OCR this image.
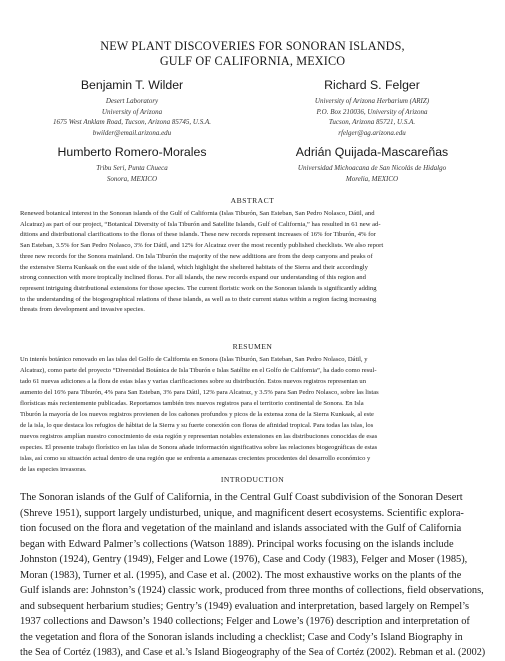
NEW PLANT DISCOVERIES FOR SONORAN ISLANDS,
GULF OF CALIFORNIA, MEXICO
Benjamin T. Wilder
Desert Laboratory
University of Arizona
1675 West Anklam Road, Tucson, Arizona 85745, U.S.A.
bwilder@email.arizona.edu
Richard S. Felger
University of Arizona Herbarium (ARIZ)
P.O. Box 210036, University of Arizona
Tucson, Arizona 85721, U.S.A.
rfelger@ag.arizona.edu
Humberto Romero-Morales
Tribu Seri, Punta Chueca
Sonora, MEXICO
Adrián Quijada-Mascareñas
Universidad Michoacana de San Nicolás de Hidalgo
Morelia, MEXICO
ABSTRACT
Renewed botanical interest in the Sonoran islands of the Gulf of California (Islas Tiburón, San Esteban, San Pedro Nolasco, Dátil, and
Alcatraz) as part of our project, “Botanical Diversity of Isla Tiburón and Satellite Islands, Gulf of California,” has resulted in 61 new ad-
ditions and distributional clarifications to the floras of these islands. These new records represent increases of 16% for Tiburón, 4% for
San Esteban, 3.5% for San Pedro Nolasco, 3% for Dátil, and 12% for Alcatraz over the most recently published checklists. We also report
three new records for the Sonora mainland. On Isla Tiburón the majority of the new additions are from the deep canyons and peaks of
the extensive Sierra Kunkaak on the east side of the island, which highlight the sheltered habitats of the Sierra and their accordingly
strong connection with more tropically inclined floras. For all islands, the new records expand our understanding of this region and
represent intriguing distributional extensions for those species. The current floristic work on the Sonoran islands is significantly adding
to the understanding of the biogeographical relations of these islands, as well as to their current status within a region facing increasing
threats from development and invasive species.
RESUMEN
Un interés botánico renovado en las islas del Golfo de California en Sonora (Islas Tiburón, San Esteban, San Pedro Nolasco, Dátil, y
Alcatraz), como parte del proyecto “Diversidad Botánica de Isla Tiburón e Islas Satélite en el Golfo de California”, ha dado como resul-
tado 61 nuevas adiciones a la flora de estas islas y varias clarificaciones sobre su distribución. Estos nuevos registros representan un
aumento del 16% para Tiburón, 4% para San Esteban, 3% para Dátil, 12% para Alcatraz, y 3.5% para San Pedro Nolasco, sobre las listas
florísticas más recientemente publicadas. Reportamos también tres nuevos registros para el territorio continental de Sonora. En Isla
Tiburón la mayoría de los nuevos registros provienen de los cañones profundos y picos de la extensa zona de la Sierra Kunkaak, al este
de la isla, lo que destaca los refugios de hábitat de la Sierra y su fuerte conexión con floras de afinidad tropical. Para todas las islas, los
nuevos registros amplían nuestro conocimiento de esta región y representan notables extensiones en las distribuciones conocidas de esas
especies. El presente trabajo florístico en las islas de Sonora añade información significativa sobre las relaciones biogeográficas de estas
islas, así como su situación actual dentro de una región que se enfrenta a amenazas crecientes procedentes del desarrollo económico y
de las especies invasoras.
INTRODUCTION
The Sonoran islands of the Gulf of California, in the Central Gulf Coast subdivision of the Sonoran Desert
(Shreve 1951), support largely undisturbed, unique, and magnificent desert ecosystems. Scientific explora-
tion focused on the flora and vegetation of the mainland and islands associated with the Gulf of California
began with Edward Palmer’s collections (Watson 1889). Principal works focusing on the islands include
Johnston (1924), Gentry (1949), Felger and Lowe (1976), Case and Cody (1983), Felger and Moser (1985),
Moran (1983), Turner et al. (1995), and Case et al. (2002). The most exhaustive works on the plants of the
Gulf islands are: Johnston’s (1924) classic work, produced from three months of collections, field observations,
and subsequent herbarium studies; Gentry’s (1949) evaluation and interpretation, based largely on Rempel’s
1937 collections and Dawson’s 1940 collections; Felger and Lowe’s (1976) description and interpretation of
the vegetation and flora of the Sonoran islands including a checklist; Case and Cody’s Island Biography in
the Sea of Cortéz (1983), and Case et al.’s Island Biogeography of the Sea of Cortéz (2002). Rebman et al. (2002)
